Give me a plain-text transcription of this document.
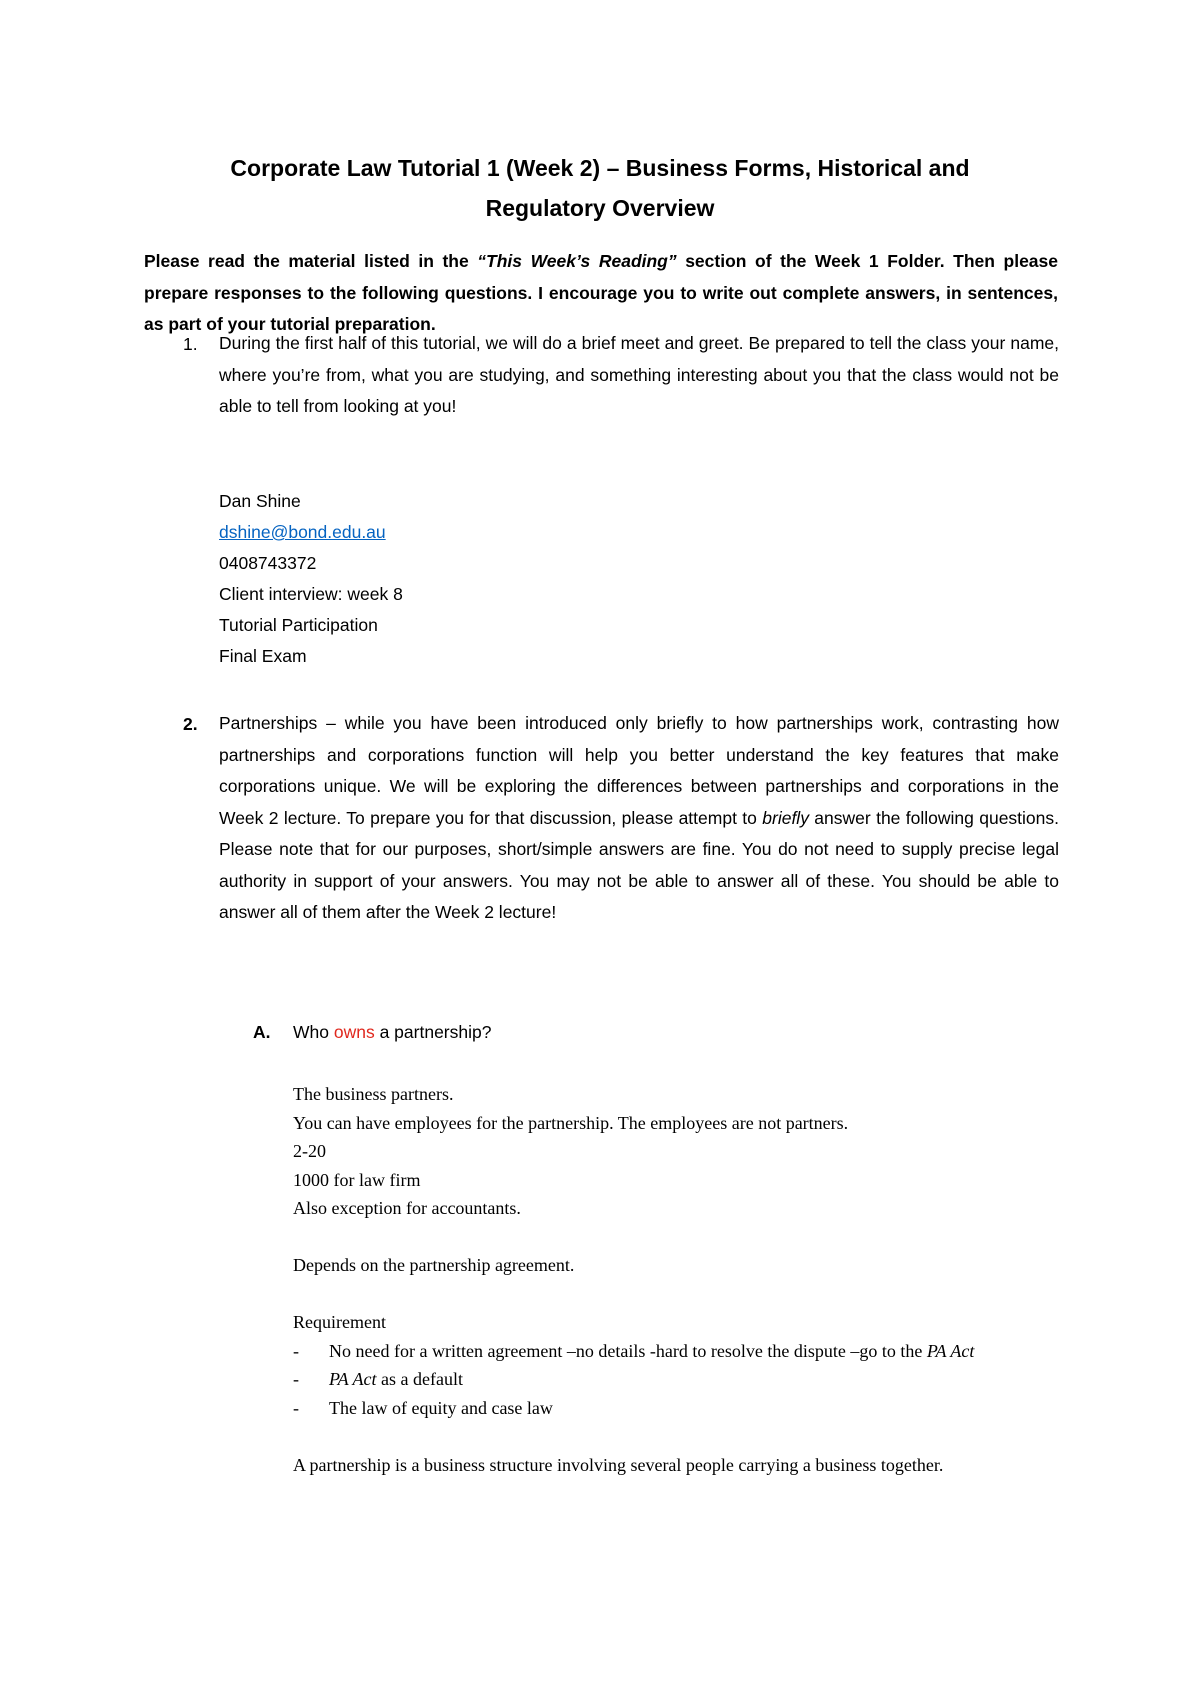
Corporate Law Tutorial 1 (Week 2) – Business Forms, Historical and
Regulatory Overview
Please read the material listed in the “This Week’s Reading” section of the Week 1 Folder. Then please prepare responses to the following questions. I encourage you to write out complete answers, in sentences, as part of your tutorial preparation.
1. During the first half of this tutorial, we will do a brief meet and greet. Be prepared to tell the class your name, where you’re from, what you are studying, and something interesting about you that the class would not be able to tell from looking at you!
Dan Shine
dshine@bond.edu.au
0408743372
Client interview: week 8
Tutorial Participation
Final Exam
2. Partnerships – while you have been introduced only briefly to how partnerships work, contrasting how partnerships and corporations function will help you better understand the key features that make corporations unique. We will be exploring the differences between partnerships and corporations in the Week 2 lecture. To prepare you for that discussion, please attempt to briefly answer the following questions. Please note that for our purposes, short/simple answers are fine. You do not need to supply precise legal authority in support of your answers. You may not be able to answer all of these. You should be able to answer all of them after the Week 2 lecture!
A. Who owns a partnership?
The business partners.
You can have employees for the partnership. The employees are not partners.
2-20
1000 for law firm
Also exception for accountants.
Depends on the partnership agreement.
Requirement
- No need for a written agreement –no details -hard to resolve the dispute –go to the PA Act
- PA Act as a default
- The law of equity and case law
A partnership is a business structure involving several people carrying a business together.
